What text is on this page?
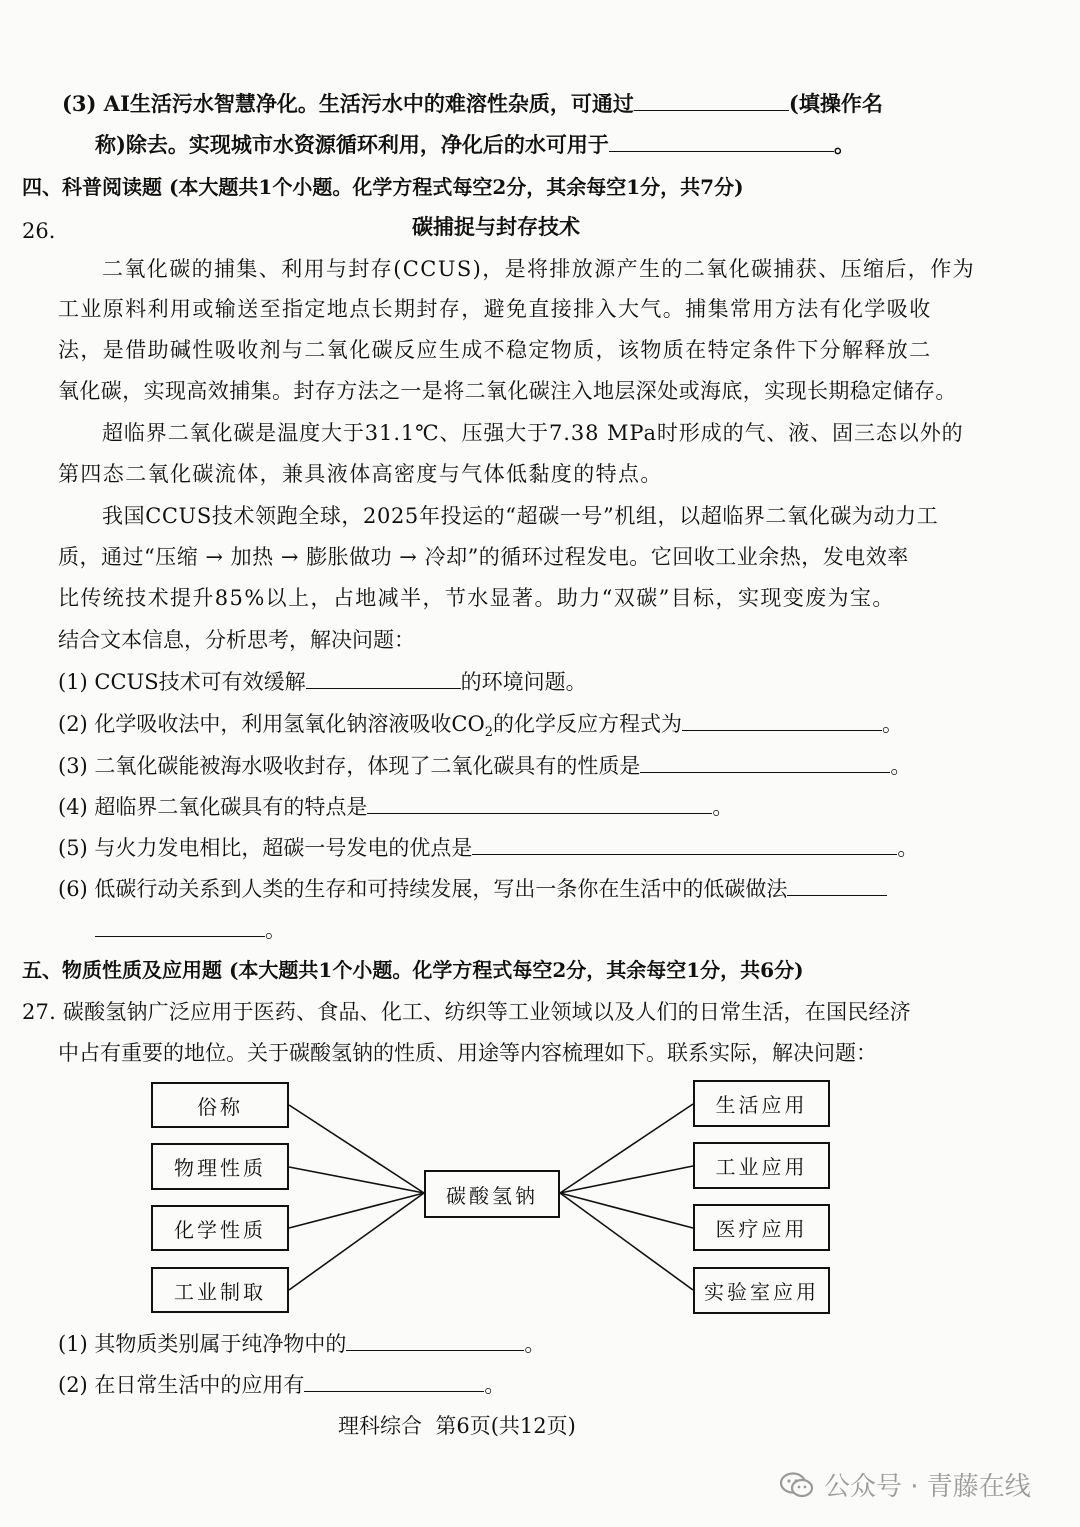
(3) AI生活污水智慧净化。生活污水中的难溶性杂质，可通过	(填操作名
称)除去。实现城市水资源循环利用，净化后的水可用于	。
四、科普阅读题 (本大题共1个小题。化学方程式每空2分，其余每空1分，共7分)
26.	碳捕捉与封存技术
二氧化碳的捕集、利用与封存(CCUS)，是将排放源产生的二氧化碳捕获、压缩后，作为
工业原料利用或输送至指定地点长期封存，避免直接排入大气。捕集常用方法有化学吸收
法，是借助碱性吸收剂与二氧化碳反应生成不稳定物质，该物质在特定条件下分解释放二
氧化碳，实现高效捕集。封存方法之一是将二氧化碳注入地层深处或海底，实现长期稳定储存。
超临界二氧化碳是温度大于31.1℃、压强大于7.38 MPa时形成的气、液、固三态以外的
第四态二氧化碳流体，兼具液体高密度与气体低黏度的特点。
我国CCUS技术领跑全球，2025年投运的“超碳一号”机组，以超临界二氧化碳为动力工
质，通过“压缩 → 加热 → 膨胀做功 → 冷却”的循环过程发电。它回收工业余热，发电效率
比传统技术提升85%以上，占地减半，节水显著。助力“双碳”目标，实现变废为宝。
结合文本信息，分析思考，解决问题：
(1) CCUS技术可有效缓解	的环境问题。
(2) 化学吸收法中，利用氢氧化钠溶液吸收$CO_2$的化学反应方程式为	。
(3) 二氧化碳能被海水吸收封存，体现了二氧化碳具有的性质是	。
(4) 超临界二氧化碳具有的特点是	。
(5) 与火力发电相比，超碳一号发电的优点是	。
(6) 低碳行动关系到人类的生存和可持续发展，写出一条你在生活中的低碳做法
。
五、物质性质及应用题 (本大题共1个小题。化学方程式每空2分，其余每空1分，共6分)
27. 碳酸氢钠广泛应用于医药、食品、化工、纺织等工业领域以及人们的日常生活，在国民经济
中占有重要的地位。关于碳酸氢钠的性质、用途等内容梳理如下。联系实际，解决问题：
碳酸氢钠
俗称
物理性质
化学性质
工业制取
生活应用
工业应用
医疗应用
实验室应用
(1) 其物质类别属于纯净物中的	。
(2) 在日常生活中的应用有	。
理科综合  第6页(共12页)
公众号 · 青藤在线
